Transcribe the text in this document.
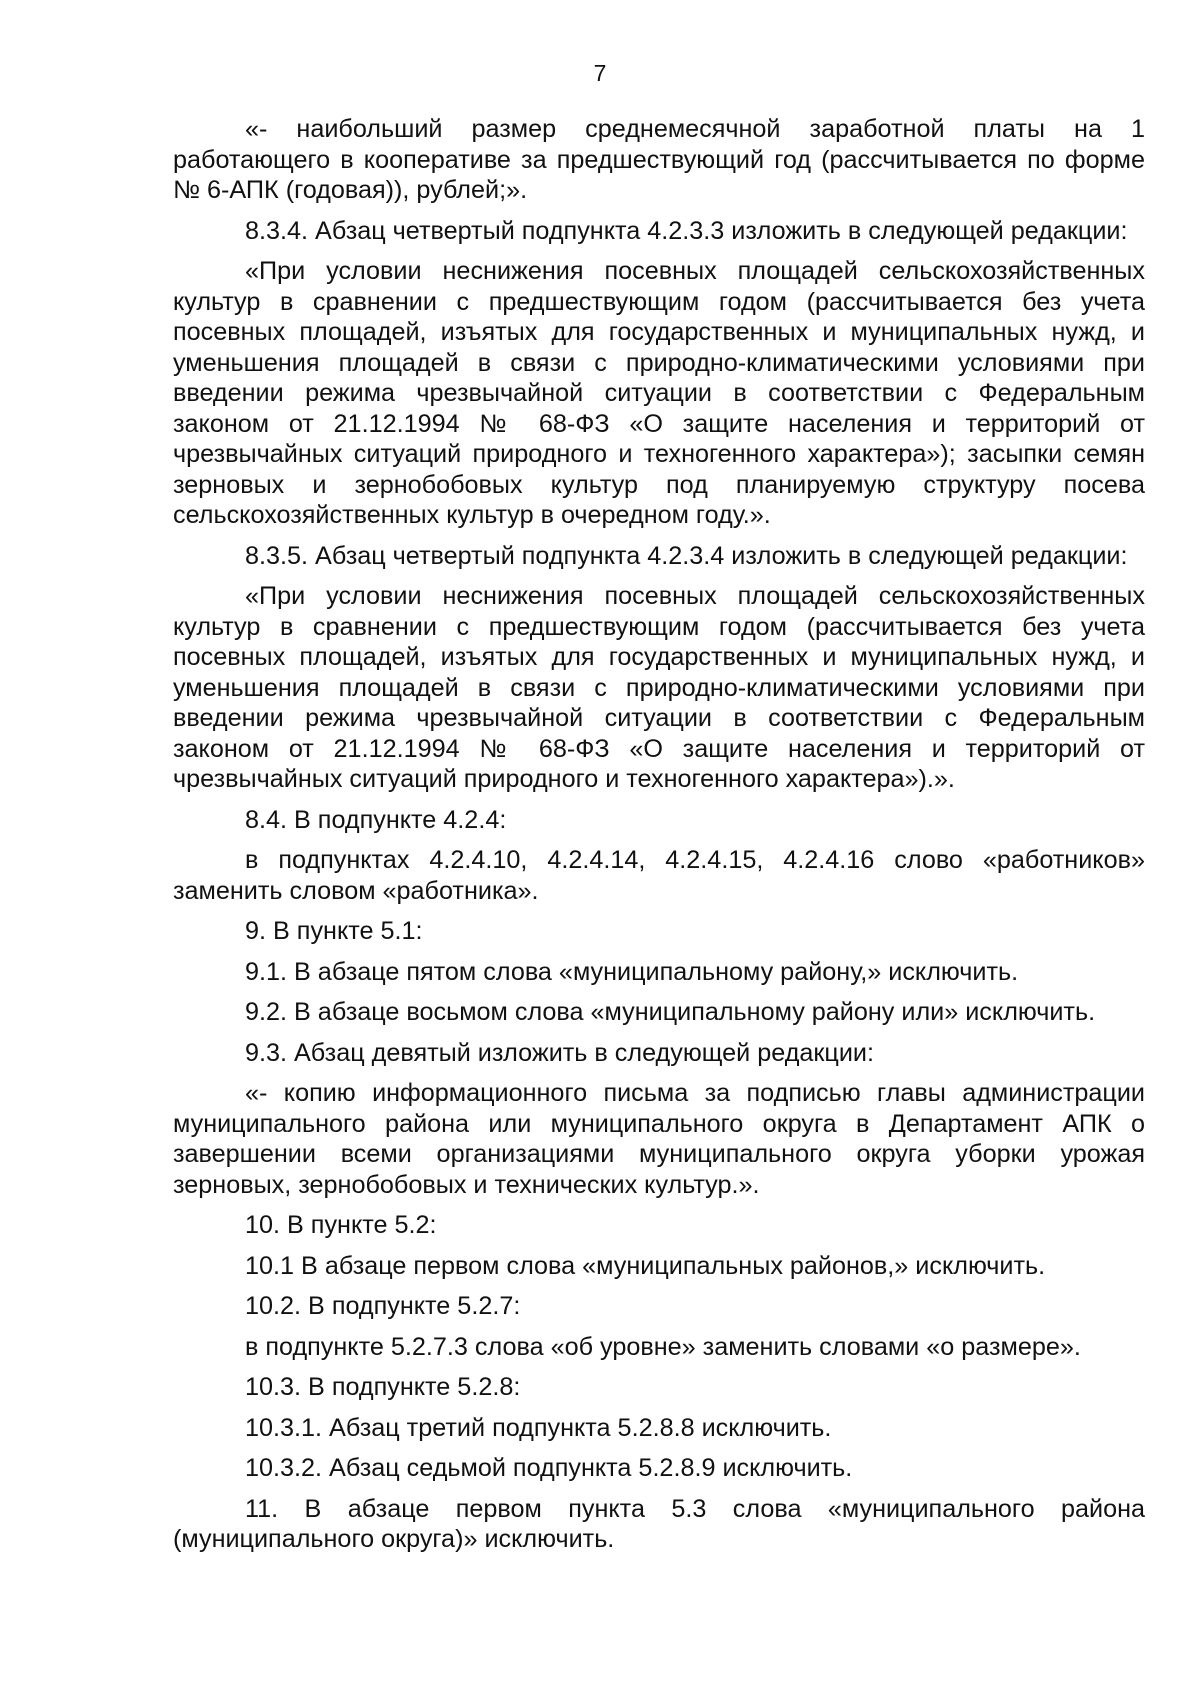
7

«- наибольший размер среднемесячной заработной платы на 1 работающего в кооперативе за предшествующий год (рассчитывается по форме № 6-АПК (годовая)), рублей;».

8.3.4. Абзац четвертый подпункта 4.2.3.3 изложить в следующей редакции:

«При условии неснижения посевных площадей сельскохозяйственных культур в сравнении с предшествующим годом (рассчитывается без учета посевных площадей, изъятых для государственных и муниципальных нужд, и уменьшения площадей в связи с природно-климатическими условиями при введении режима чрезвычайной ситуации в соответствии с Федеральным законом от 21.12.1994 № 68-ФЗ «О защите населения и территорий от чрезвычайных ситуаций природного и техногенного характера»); засыпки семян зерновых и зернобобовых культур под планируемую структуру посева сельскохозяйственных культур в очередном году.».

8.3.5. Абзац четвертый подпункта 4.2.3.4 изложить в следующей редакции:

«При условии неснижения посевных площадей сельскохозяйственных культур в сравнении с предшествующим годом (рассчитывается без учета посевных площадей, изъятых для государственных и муниципальных нужд, и уменьшения площадей в связи с природно-климатическими условиями при введении режима чрезвычайной ситуации в соответствии с Федеральным законом от 21.12.1994 № 68-ФЗ «О защите населения и территорий от чрезвычайных ситуаций природного и техногенного характера»).».

8.4. В подпункте 4.2.4:

в подпунктах 4.2.4.10, 4.2.4.14, 4.2.4.15, 4.2.4.16 слово «работников» заменить словом «работника».

9. В пункте 5.1:

9.1. В абзаце пятом слова «муниципальному району,» исключить.

9.2. В абзаце восьмом слова «муниципальному району или» исключить.

9.3. Абзац девятый изложить в следующей редакции:

«- копию информационного письма за подписью главы администрации муниципального района или муниципального округа в Департамент АПК о завершении всеми организациями муниципального округа уборки урожая зерновых, зернобобовых и технических культур.».

10. В пункте 5.2:

10.1 В абзаце первом слова «муниципальных районов,» исключить.

10.2. В подпункте 5.2.7:

в подпункте 5.2.7.3 слова «об уровне» заменить словами «о размере».

10.3. В подпункте 5.2.8:

10.3.1. Абзац третий подпункта 5.2.8.8 исключить.

10.3.2. Абзац седьмой подпункта 5.2.8.9 исключить.

11. В абзаце первом пункта 5.3 слова «муниципального района (муниципального округа)» исключить.
